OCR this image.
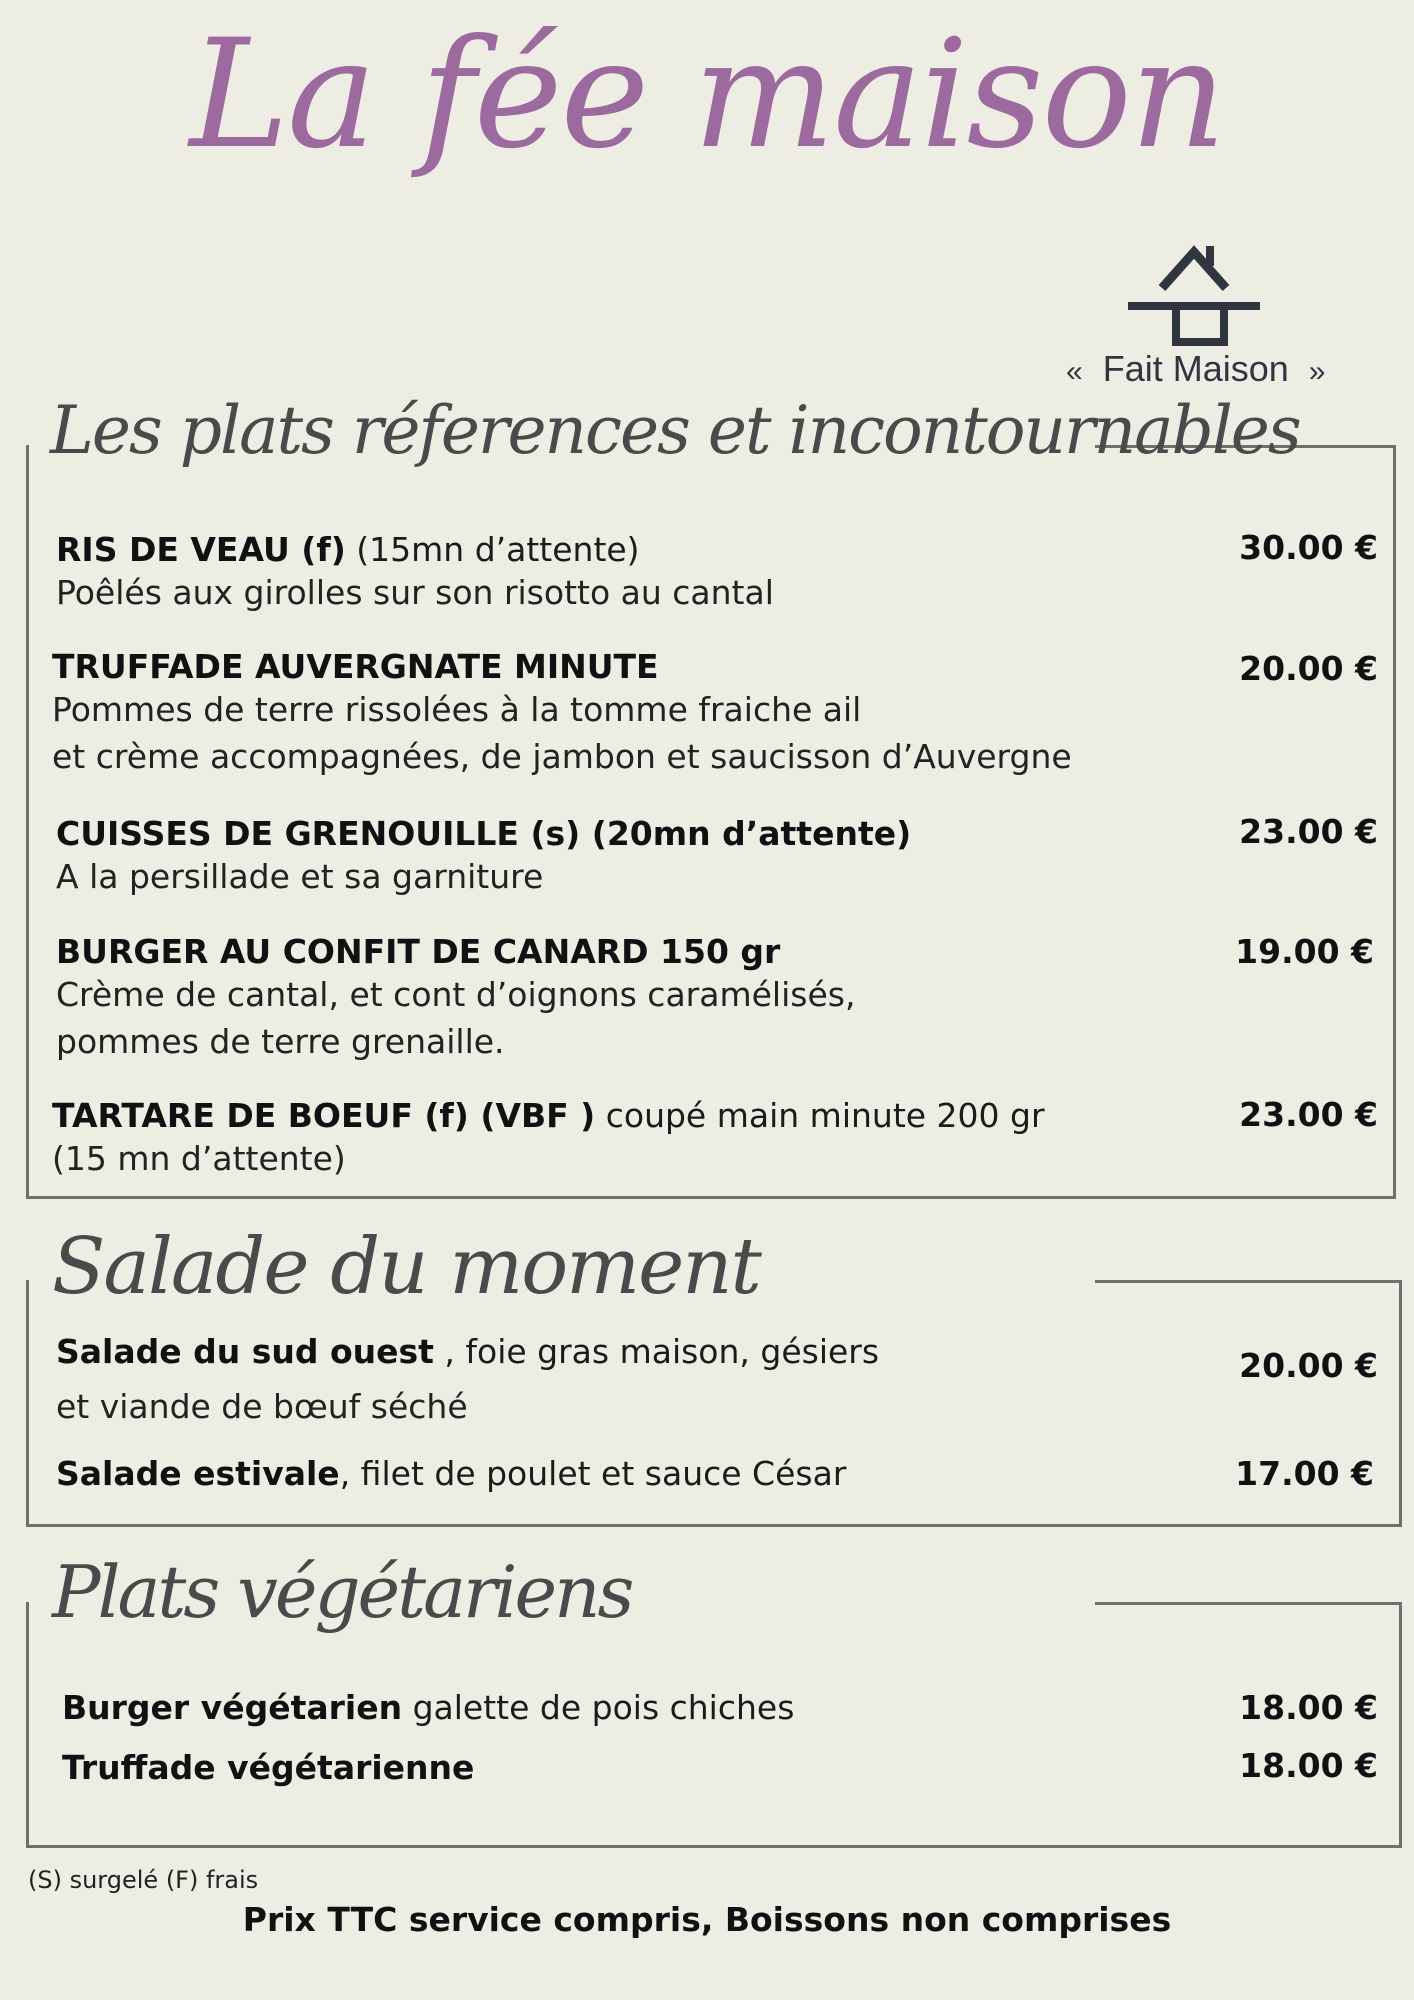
La fée maison
« Fait Maison »
Les plats réferences et incontournables
RIS DE VEAU (f) (15mn d’attente)
Poêlés aux girolles sur son risotto au cantal
30.00 €
TRUFFADE AUVERGNATE MINUTE
Pommes de terre rissolées à la tomme fraiche ail
et crème accompagnées, de jambon et saucisson d’Auvergne
20.00 €
CUISSES DE GRENOUILLE (s) (20mn d’attente)
A la persillade et sa garniture
23.00 €
BURGER AU CONFIT DE CANARD 150 gr
Crème de cantal, et cont d’oignons caramélisés,
pommes de terre grenaille.
19.00 €
TARTARE DE BOEUF (f) (VBF ) coupé main minute 200 gr
(15 mn d’attente)
23.00 €
Salade du moment
Salade du sud ouest , foie gras maison, gésiers
et viande de bœuf séché
20.00 €
Salade estivale, filet de poulet et sauce César	17.00 €
Plats végétariens
Burger végétarien galette de pois chiches	18.00 €
Truffade végétarienne	18.00 €
(S) surgelé (F) frais
Prix TTC service compris, Boissons non comprises
